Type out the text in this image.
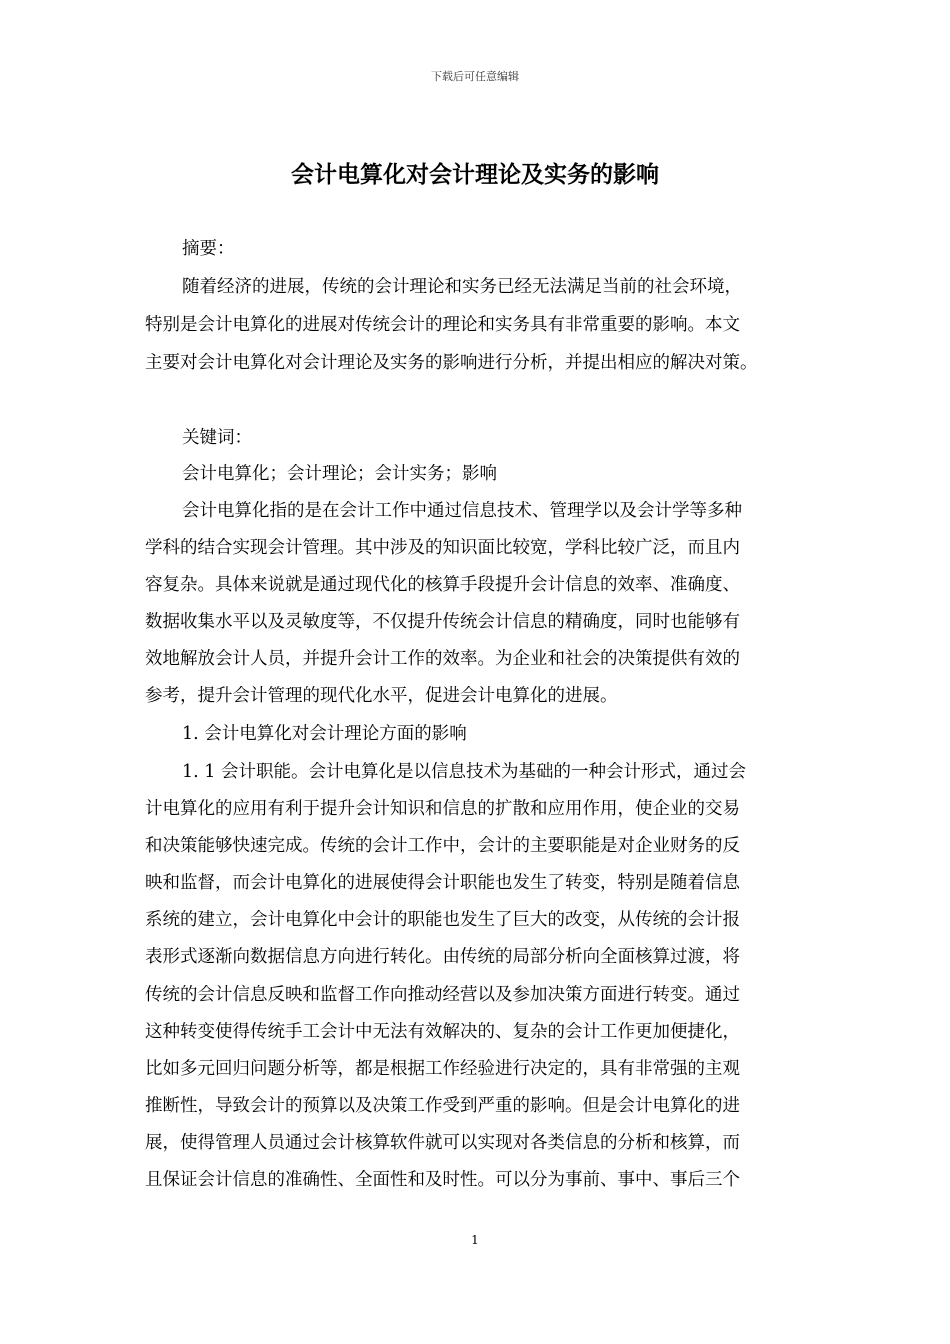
下载后可任意编辑
会计电算化对会计理论及实务的影响
摘要：
随着经济的进展，传统的会计理论和实务已经无法满足当前的社会环境，
特别是会计电算化的进展对传统会计的理论和实务具有非常重要的影响。本文
主要对会计电算化对会计理论及实务的影响进行分析，并提出相应的解决对策。
关键词：
会计电算化；会计理论；会计实务；影响
会计电算化指的是在会计工作中通过信息技术、管理学以及会计学等多种
学科的结合实现会计管理。其中涉及的知识面比较宽，学科比较广泛，而且内
容复杂。具体来说就是通过现代化的核算手段提升会计信息的效率、准确度、
数据收集水平以及灵敏度等，不仅提升传统会计信息的精确度，同时也能够有
效地解放会计人员，并提升会计工作的效率。为企业和社会的决策提供有效的
参考，提升会计管理的现代化水平，促进会计电算化的进展。
1. 会计电算化对会计理论方面的影响
1. 1 会计职能。会计电算化是以信息技术为基础的一种会计形式，通过会
计电算化的应用有利于提升会计知识和信息的扩散和应用作用，使企业的交易
和决策能够快速完成。传统的会计工作中，会计的主要职能是对企业财务的反
映和监督，而会计电算化的进展使得会计职能也发生了转变，特别是随着信息
系统的建立，会计电算化中会计的职能也发生了巨大的改变，从传统的会计报
表形式逐渐向数据信息方向进行转化。由传统的局部分析向全面核算过渡，将
传统的会计信息反映和监督工作向推动经营以及参加决策方面进行转变。通过
这种转变使得传统手工会计中无法有效解决的、复杂的会计工作更加便捷化，
比如多元回归问题分析等，都是根据工作经验进行决定的，具有非常强的主观
推断性，导致会计的预算以及决策工作受到严重的影响。但是会计电算化的进
展，使得管理人员通过会计核算软件就可以实现对各类信息的分析和核算，而
且保证会计信息的准确性、全面性和及时性。可以分为事前、事中、事后三个
1
